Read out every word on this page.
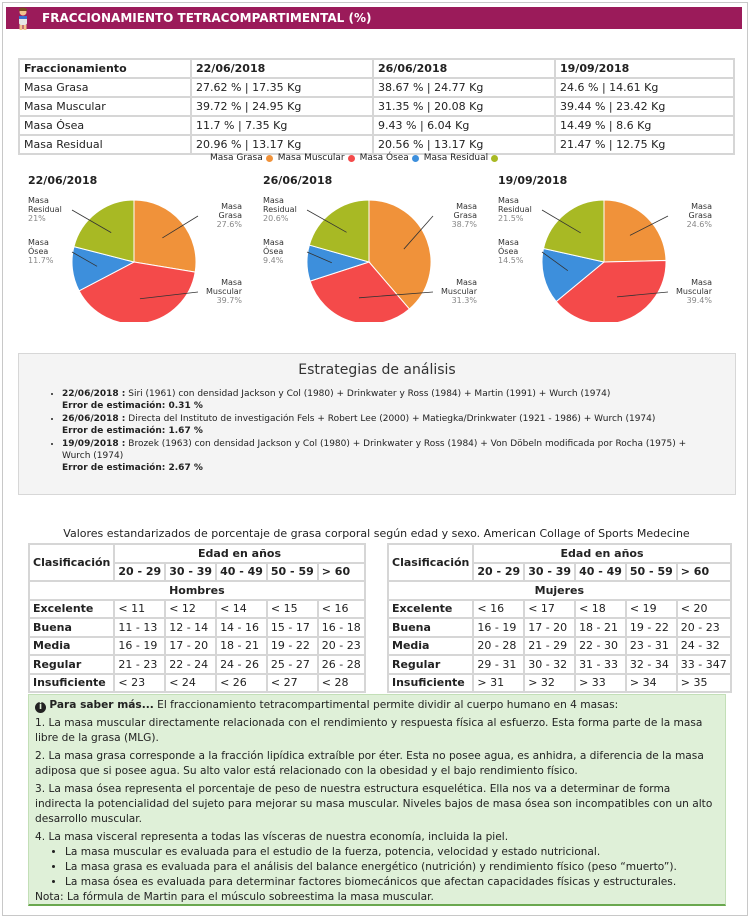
FRACCIONAMIENTO TETRACOMPARTIMENTAL (%)
Fraccionamiento	22/06/2018	26/06/2018	19/09/2018
Masa Grasa	27.62 % | 17.35 Kg	38.67 % | 24.77 Kg	24.6 % | 14.61 Kg
Masa Muscular	39.72 % | 24.95 Kg	31.35 % | 20.08 Kg	39.44 % | 23.42 Kg
Masa Ósea	11.7 % | 7.35 Kg	9.43 % | 6.04 Kg	14.49 % | 8.6 Kg
Masa Residual	20.96 % | 13.17 Kg	20.56 % | 13.17 Kg	21.47 % | 12.75 Kg
Masa Grasa Masa Muscular Masa Ósea Masa Residual
22/06/2018
Masa
Grasa
27.6%
Masa
Muscular
39.7%
Masa
Ósea
11.7%
Masa
Residual
21%
26/06/2018
Masa
Grasa
38.7%
Masa
Muscular
31.3%
Masa
Ósea
9.4%
Masa
Residual
20.6%
19/09/2018
Masa
Grasa
24.6%
Masa
Muscular
39.4%
Masa
Ósea
14.5%
Masa
Residual
21.5%
Estrategias de análisis
• 22/06/2018 : Siri (1961) con densidad Jackson y Col (1980) + Drinkwater y Ross (1984) + Martin (1991) + Wurch (1974)
Error de estimación: 0.31 %
• 26/06/2018 : Directa del Instituto de investigación Fels + Robert Lee (2000) + Matiegka/Drinkwater (1921 - 1986) + Wurch (1974)
Error de estimación: 1.67 %
• 19/09/2018 : Brozek (1963) con densidad Jackson y Col (1980) + Drinkwater y Ross (1984) + Von Döbeln modificada por Rocha (1975) + Wurch (1974)
Error de estimación: 2.67 %
Valores estandarizados de porcentaje de grasa corporal según edad y sexo. American Collage of Sports Medecine
Clasificación	Edad en años				
	20 - 29	30 - 39	40 - 49	50 - 59	> 60
Hombres					
Excelente	< 11	< 12	< 14	< 15	< 16
Buena	11 - 13	12 - 14	14 - 16	15 - 17	16 - 18
Media	16 - 19	17 - 20	18 - 21	19 - 22	20 - 23
Regular	21 - 23	22 - 24	24 - 26	25 - 27	26 - 28
Insuficiente	< 23	< 24	< 26	< 27	< 28
Clasificación	Edad en años				
	20 - 29	30 - 39	40 - 49	50 - 59	> 60
Mujeres					
Excelente	< 16	< 17	< 18	< 19	< 20
Buena	16 - 19	17 - 20	18 - 21	19 - 22	20 - 23
Media	20 - 28	21 - 29	22 - 30	23 - 31	24 - 32
Regular	29 - 31	30 - 32	31 - 33	32 - 34	33 - 347
Insuficiente	> 31	> 32	> 33	> 34	> 35

i Para saber más... El fraccionamiento tetracompartimental permite dividir al cuerpo humano en 4 masas:

1. La masa muscular directamente relacionada con el rendimiento y respuesta física al esfuerzo. Esta forma parte de la masa libre de la grasa (MLG).

2. La masa grasa corresponde a la fracción lipídica extraíble por éter. Esta no posee agua, es anhidra, a diferencia de la masa adiposa que si posee agua. Su alto valor está relacionado con la obesidad y el bajo rendimiento físico.

3. La masa ósea representa el porcentaje de peso de nuestra estructura esquelética. Ella nos va a determinar de forma indirecta la potencialidad del sujeto para mejorar su masa muscular. Niveles bajos de masa ósea son incompatibles con un alto desarrollo muscular.

4. La masa visceral representa a todas las vísceras de nuestra economía, incluida la piel.

• La masa muscular es evaluada para el estudio de la fuerza, potencia, velocidad y estado nutricional.
• La masa grasa es evaluada para el análisis del balance energético (nutrición) y rendimiento físico (peso “muerto”).
• La masa ósea es evaluada para determinar factores biomecánicos que afectan capacidades físicas y estructurales.

Nota: La fórmula de Martin para el músculo sobreestima la masa muscular.
